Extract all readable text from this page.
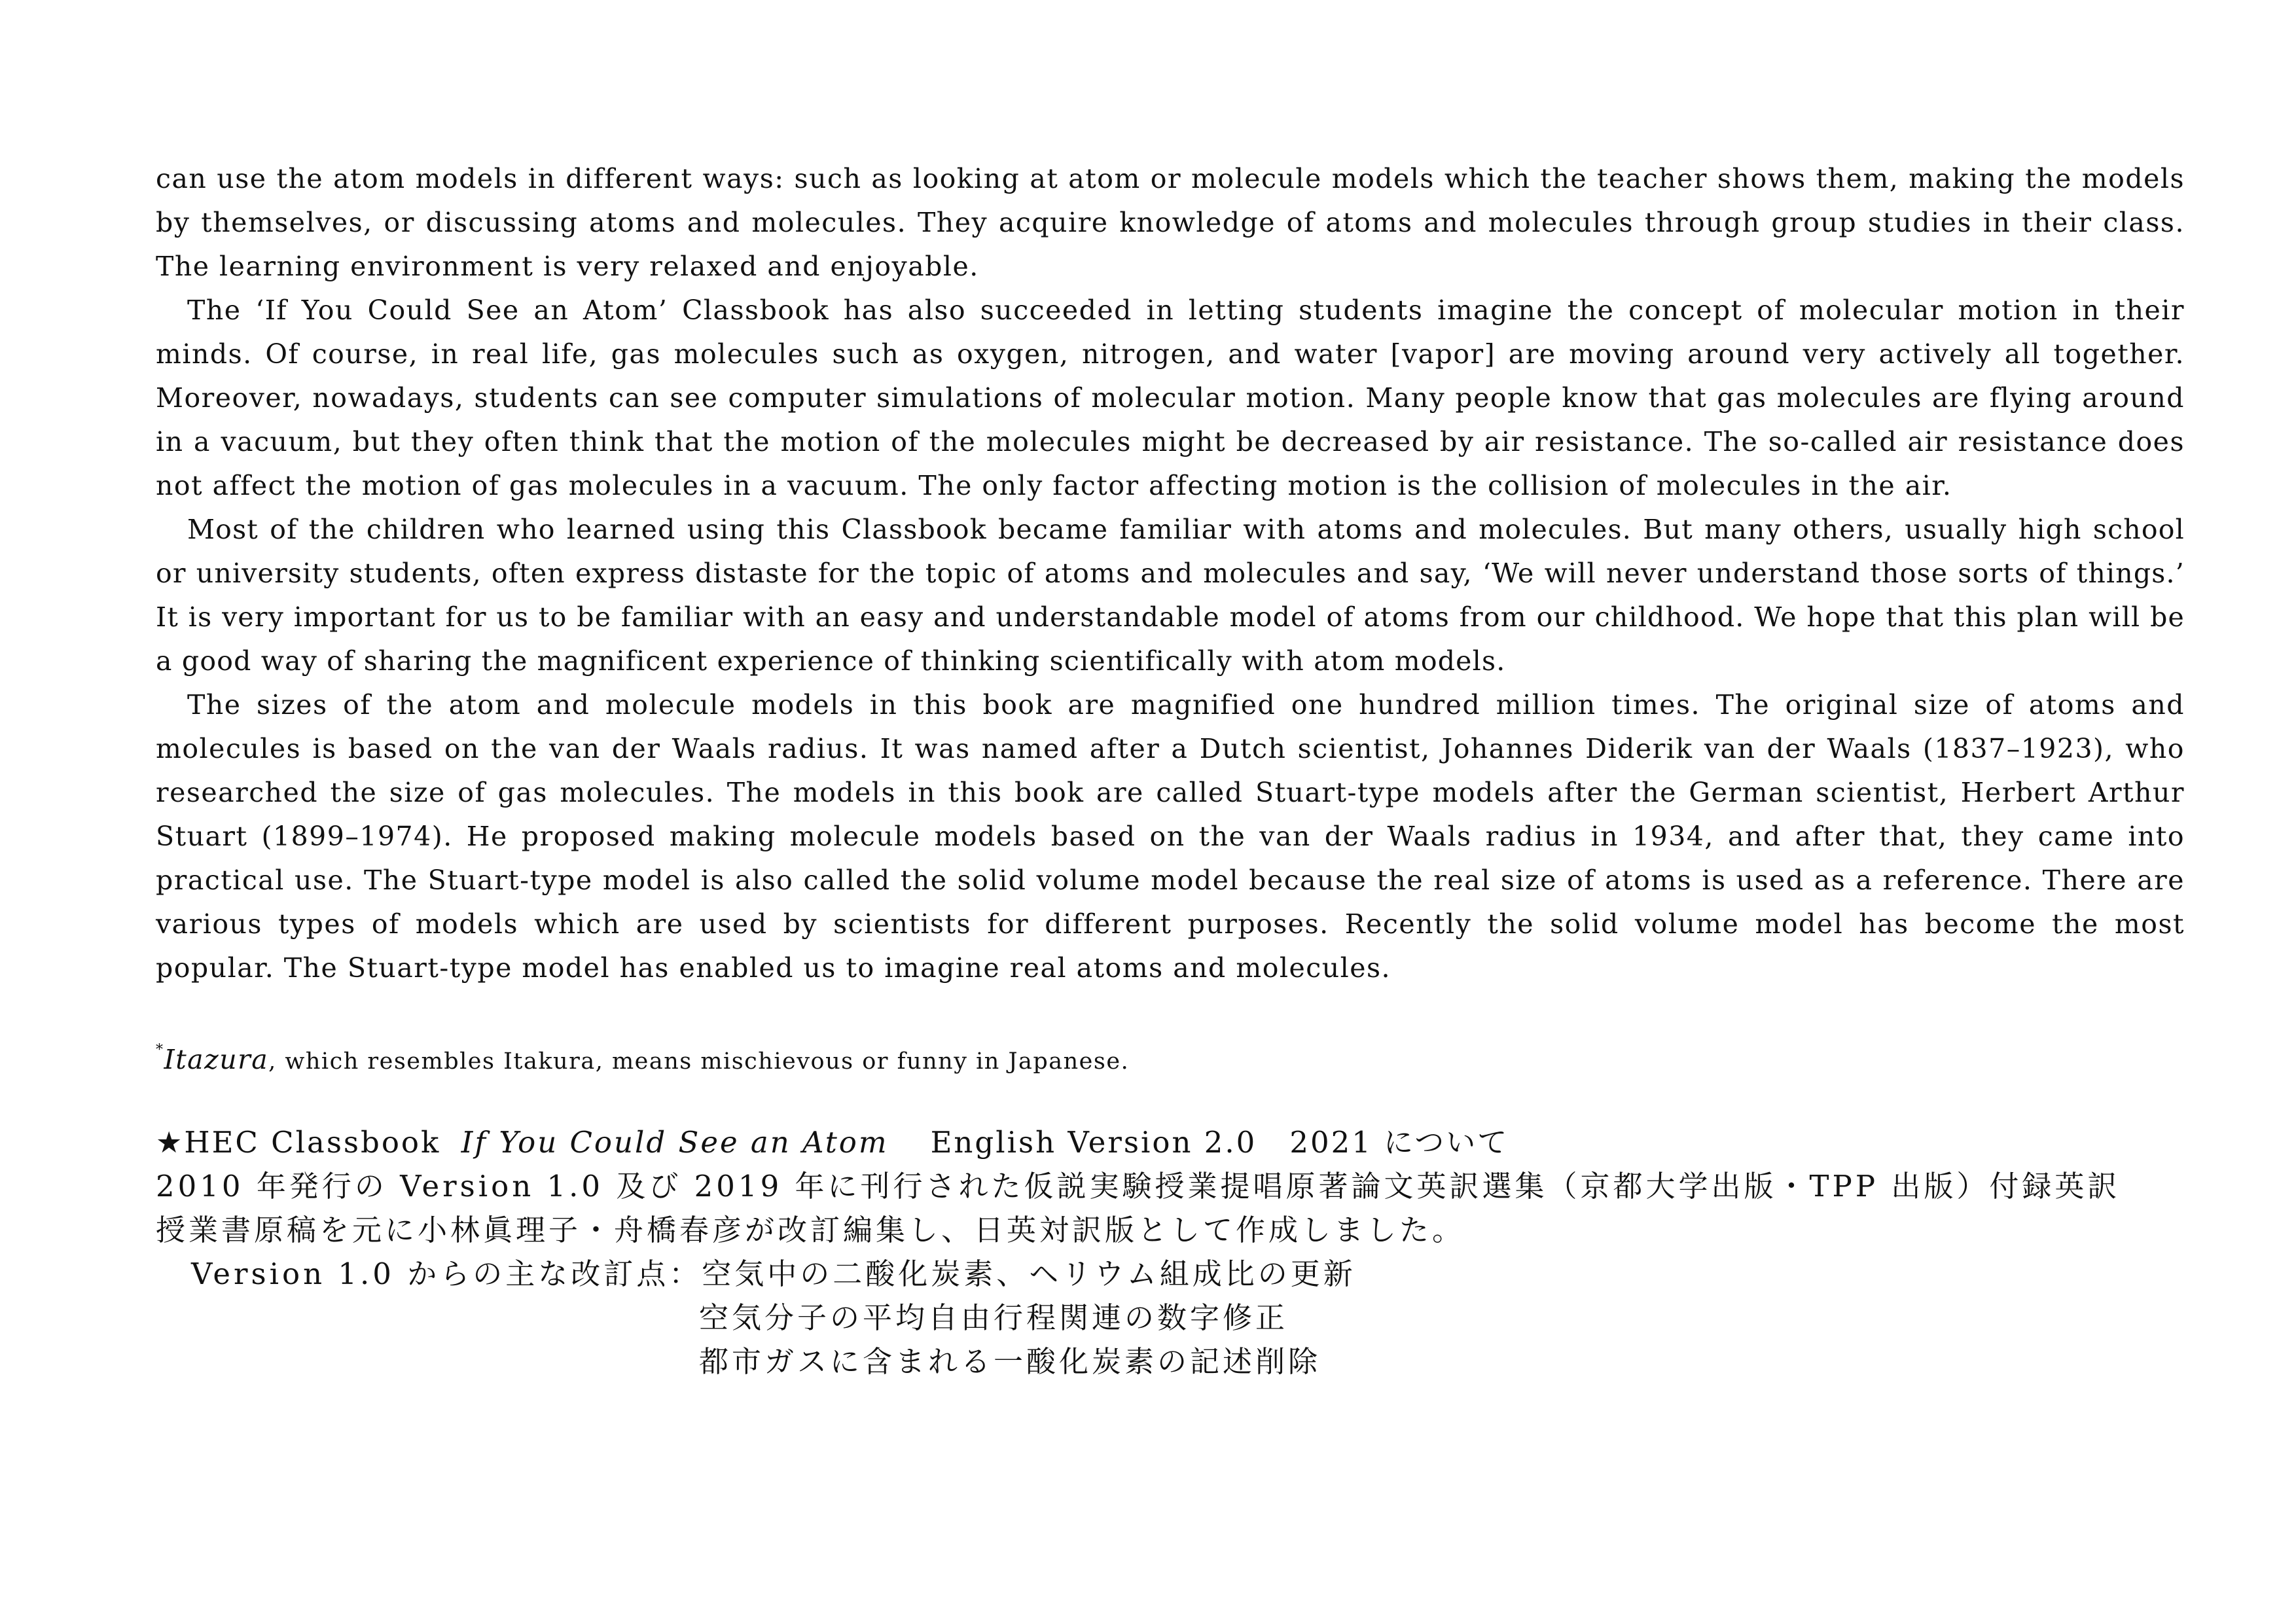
can use the atom models in different ways: such as looking at atom or molecule models which the teacher shows them, making the models by themselves, or discussing atoms and molecules. They acquire knowledge of atoms and molecules through group studies in their class. The learning environment is very relaxed and enjoyable.

The ‘If You Could See an Atom’ Classbook has also succeeded in letting students imagine the concept of molecular motion in their minds. Of course, in real life, gas molecules such as oxygen, nitrogen, and water [vapor] are moving around very actively all together. Moreover, nowadays, students can see computer simulations of molecular motion. Many people know that gas molecules are flying around in a vacuum, but they often think that the motion of the molecules might be decreased by air resistance. The so-called air resistance does not affect the motion of gas molecules in a vacuum. The only factor affecting motion is the collision of molecules in the air.

Most of the children who learned using this Classbook became familiar with atoms and molecules. But many others, usually high school or university students, often express distaste for the topic of atoms and molecules and say, ‘We will never understand those sorts of things.’ It is very important for us to be familiar with an easy and understandable model of atoms from our childhood. We hope that this plan will be a good way of sharing the magnificent experience of thinking scientifically with atom models.

The sizes of the atom and molecule models in this book are magnified one hundred million times. The original size of atoms and molecules is based on the van der Waals radius. It was named after a Dutch scientist, Johannes Diderik van der Waals (1837–1923), who researched the size of gas molecules. The models in this book are called Stuart-type models after the German scientist, Herbert Arthur Stuart (1899–1974). He proposed making molecule models based on the van der Waals radius in 1934, and after that, they came into practical use. The Stuart-type model is also called the solid volume model because the real size of atoms is used as a reference. There are various types of models which are used by scientists for different purposes. Recently the solid volume model has become the most popular. The Stuart-type model has enabled us to imagine real atoms and molecules.

*Itazura, which resembles Itakura, means mischievous or funny in Japanese.
★HEC Classbook If You Could See an Atom English Version 2.0 2021 について
2010 年発行の Version 1.0 及び 2019 年に刊行された仮説実験授業提唱原著論文英訳選集（京都大学出版・TPP 出版）付録英訳
授業書原稿を元に小林眞理子・舟橋春彦が改訂編集し、日英対訳版として作成しました。
Version 1.0 からの主な改訂点：空気中の二酸化炭素、ヘリウム組成比の更新
空気分子の平均自由行程関連の数字修正
都市ガスに含まれる一酸化炭素の記述削除
